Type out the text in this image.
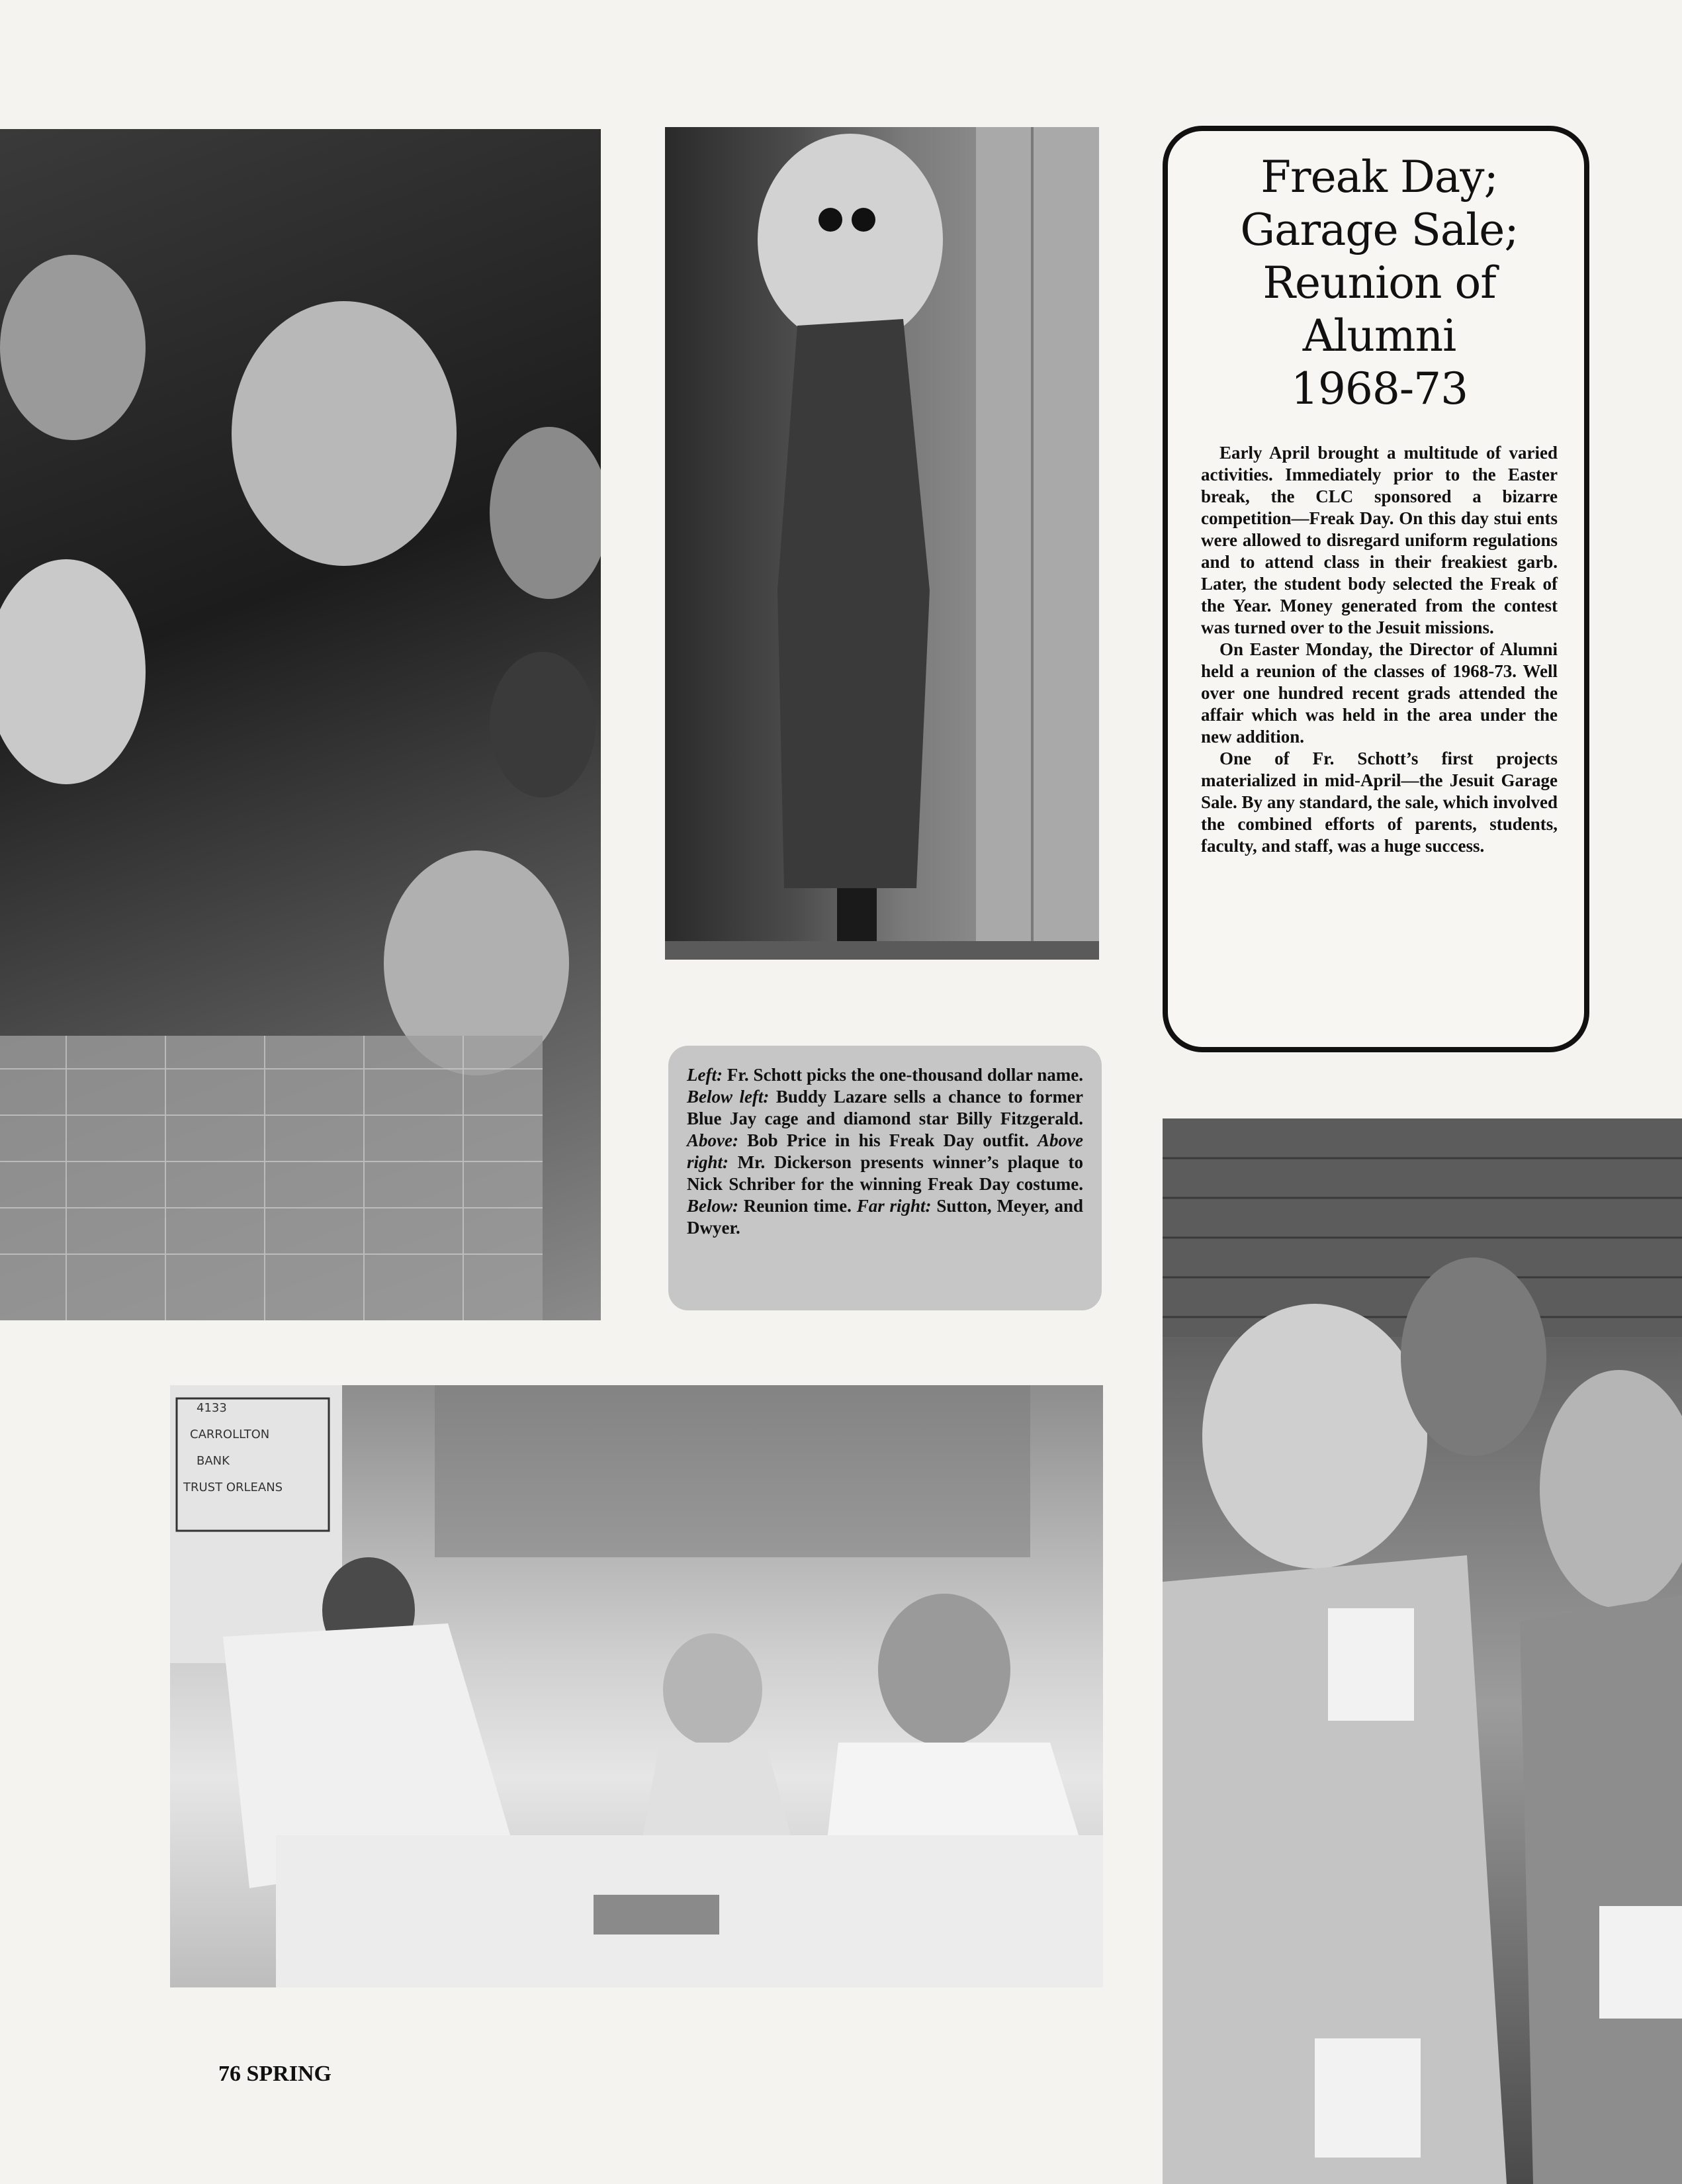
Freak Day;
Garage Sale;
Reunion of
Alumni
1968-73

Early April brought a multitude of varied activities. Immediately prior to the Easter break, the CLC sponsored a bizarre competition—Freak Day. On this day stui ents were allowed to disregard uniform regulations and to attend class in their freakiest garb. Later, the student body selected the Freak of the Year. Money generated from the contest was turned over to the Jesuit missions.

On Easter Monday, the Director of Alumni held a reunion of the classes of 1968-73. Well over one hundred recent grads attended the affair which was held in the area under the new addition.

One of Fr. Schott’s first projects materialized in mid-April—the Jesuit Garage Sale. By any standard, the sale, which involved the combined efforts of parents, students, faculty, and staff, was a huge success.

Left: Fr. Schott picks the one-thousand dollar name. Below left: Buddy Lazare sells a chance to former Blue Jay cage and diamond star Billy Fitzgerald. Above: Bob Price in his Freak Day outfit. Above right: Mr. Dickerson presents winner’s plaque to Nick Schriber for the winning Freak Day costume. Below: Reunion time. Far right: Sutton, Meyer, and Dwyer.
4133
CARROLLTON
BANK
TRUST ORLEANS
76 SPRING
